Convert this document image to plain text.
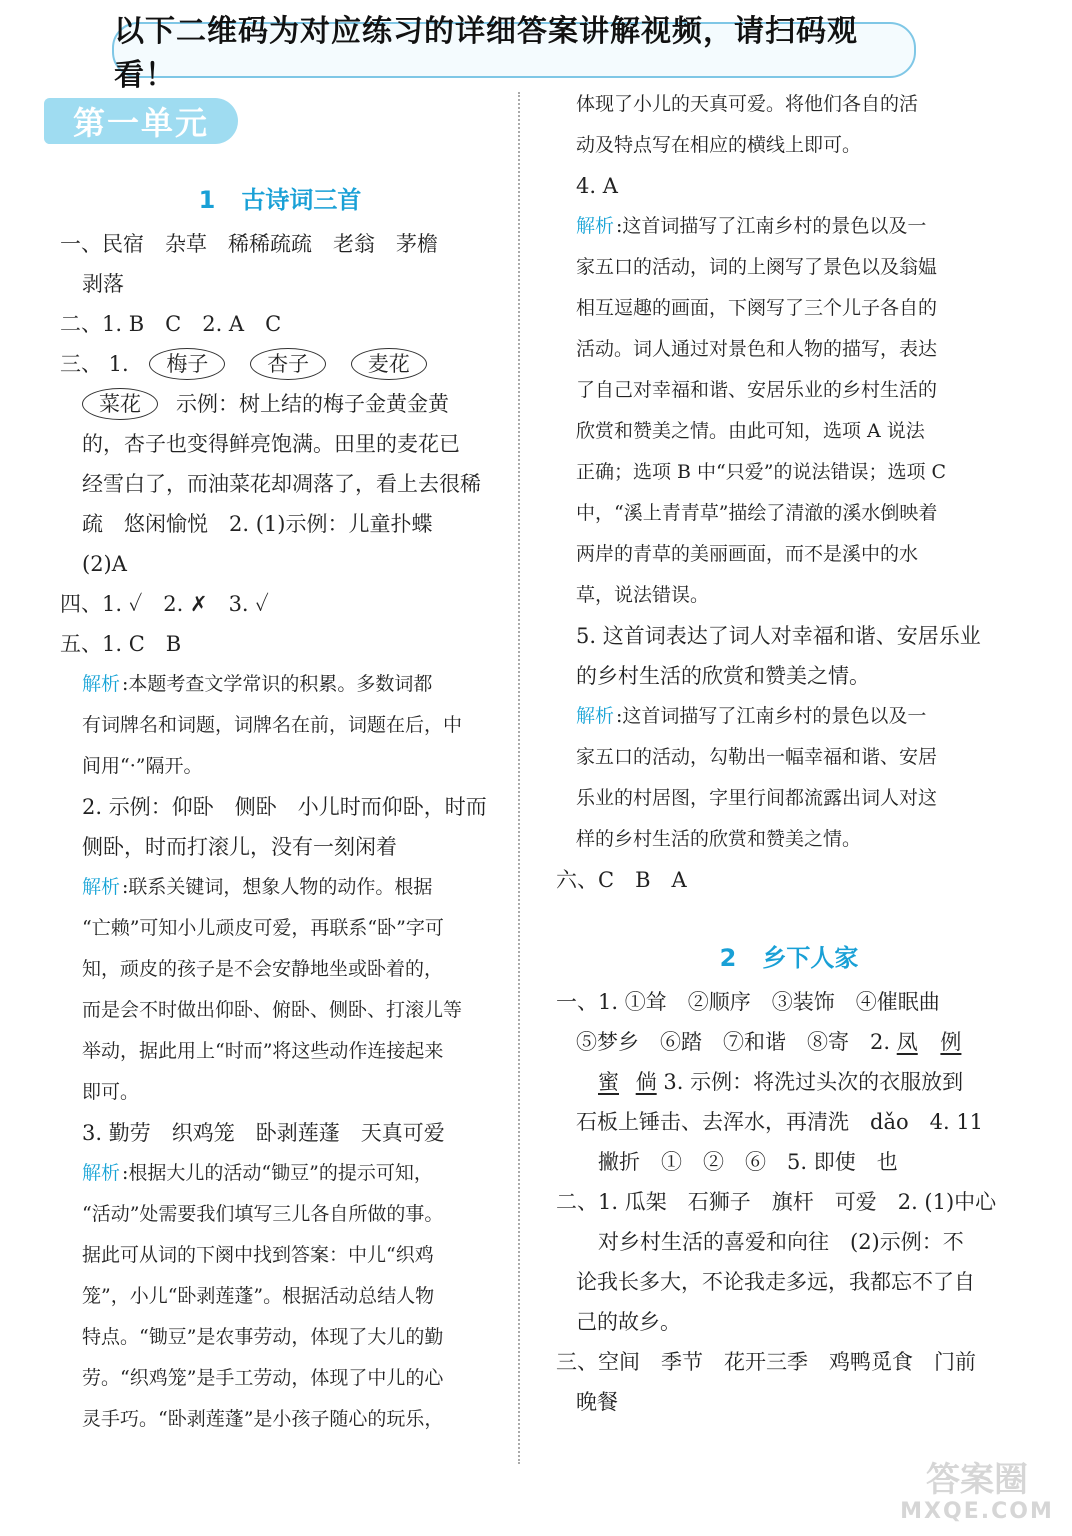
以下二维码为对应练习的详细答案讲解视频，请扫码观看！
第一单元
1 古诗词三首
一、民宿　杂草　稀稀疏疏　老翁　茅檐
剥落
二、1. B　C　2. A　C
三、 1. 梅子	杏子	麦花
菜花 示例：树上结的梅子金黄金黄
的，杏子也变得鲜亮饱满。田里的麦花已
经雪白了，而油菜花却凋落了，看上去很稀
疏　悠闲愉悦　2. (1)示例：儿童扑蝶
(2)A
四、1. ✓　2. ✗　3. ✓
五、1. C　B
解析 :本题考查文学常识的积累。多数词都
有词牌名和词题，词牌名在前，词题在后，中
间用“·”隔开。
2. 示例：仰卧　侧卧　小儿时而仰卧，时而
侧卧，时而打滚儿，没有一刻闲着
解析 :联系关键词，想象人物的动作。根据
“亡赖”可知小儿顽皮可爱，再联系“卧”字可
知，顽皮的孩子是不会安静地坐或卧着的，
而是会不时做出仰卧、俯卧、侧卧、打滚儿等
举动，据此用上“时而”将这些动作连接起来
即可。
3. 勤劳　织鸡笼　卧剥莲蓬　天真可爱
解析 :根据大儿的活动“锄豆”的提示可知，
“活动”处需要我们填写三儿各自所做的事。
据此可从词的下阕中找到答案：中儿“织鸡
笼”，小儿“卧剥莲蓬”。根据活动总结人物
特点。“锄豆”是农事劳动，体现了大儿的勤
劳。“织鸡笼”是手工劳动，体现了中儿的心
灵手巧。“卧剥莲蓬”是小孩子随心的玩乐，
体现了小儿的天真可爱。将他们各自的活
动及特点写在相应的横线上即可。
4. A
解析 :这首词描写了江南乡村的景色以及一
家五口的活动，词的上阕写了景色以及翁媪
相互逗趣的画面，下阕写了三个儿子各自的
活动。词人通过对景色和人物的描写，表达
了自己对幸福和谐、安居乐业的乡村生活的
欣赏和赞美之情。由此可知，选项 A 说法
正确；选项 B 中“只爱”的说法错误；选项 C
中，“溪上青青草”描绘了清澈的溪水倒映着
两岸的青草的美丽画面，而不是溪中的水
草，说法错误。
5. 这首词表达了词人对幸福和谐、安居乐业
的乡村生活的欣赏和赞美之情。
解析 :这首词描写了江南乡村的景色以及一
家五口的活动，勾勒出一幅幸福和谐、安居
乐业的村居图，字里行间都流露出词人对这
样的乡村生活的欣赏和赞美之情。
六、C　B　A
2 乡下人家
一、1. ①耸　②顺序　③装饰　④催眠曲
⑤梦乡　⑥踏　⑦和谐　⑧寄　2. 凤 例
蜜 倘 3. 示例：将洗过头次的衣服放到
石板上锤击、去浑水，再清洗　dǎo　4. 11
撇折　①　②　⑥　5. 即使　也
二、1. 瓜架　石狮子　旗杆　可爱　2. (1)中心
对乡村生活的喜爱和向往　(2)示例：不
论我长多大，不论我走多远，我都忘不了自
己的故乡。
三、空间　季节　花开三季　鸡鸭觅食　门前
晚餐
答案圈
MXQE.COM
